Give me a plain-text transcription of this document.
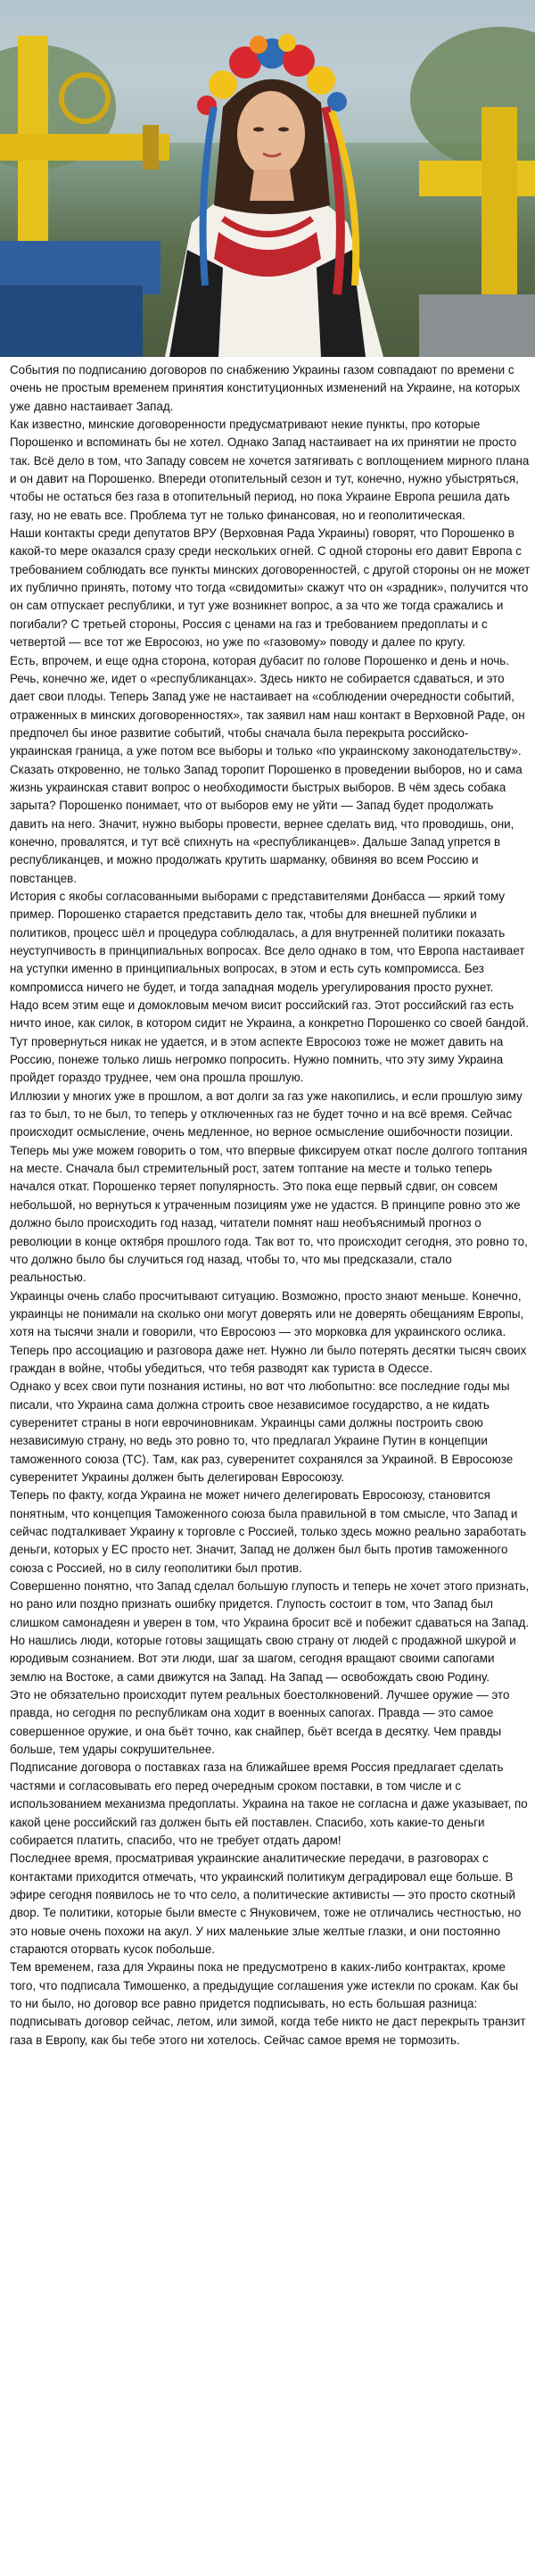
События по подписанию договоров по снабжению Украины газом совпадают по времени с очень не простым временем принятия конституционных изменений на Украине, на которых уже давно настаивает Запад.

Как известно, минские договоренности предусматривают некие пункты, про которые Порошенко и вспоминать бы не хотел. Однако Запад настаивает на их принятии не просто так. Всё дело в том, что Западу совсем не хочется затягивать с воплощением мирного плана и он давит на Порошенко. Впереди отопительный сезон и тут, конечно, нужно убыстряться, чтобы не остаться без газа в отопительный период, но пока Украине Европа решила дать газу, но не евать все. Проблема тут не только финансовая, но и геополитическая.

Наши контакты среди депутатов ВРУ (Верховная Рада Украины) говорят, что Порошенко в какой-то мере оказался сразу среди нескольких огней. С одной стороны его давит Европа с требованием соблюдать все пункты минских договоренностей, с другой стороны он не может их публично принять, потому что тогда «свидомиты» скажут что он «зрадник», получится что он сам отпускает республики, и тут уже возникнет вопрос, а за что же тогда сражались и погибали? С третьей стороны, Россия с ценами на газ и требованием предоплаты и с четвертой — все тот же Евросоюз, но уже по «газовому» поводу и далее по кругу.

Есть, впрочем, и еще одна сторона, которая дубасит по голове Порошенко и день и ночь. Речь, конечно же, идет о «республиканцах». Здесь никто не собирается сдаваться, и это дает свои плоды. Теперь Запад уже не настаивает на «соблюдении очередности событий, отраженных в минских договоренностях», так заявил нам наш контакт в Верховной Раде, он предпочел бы иное развитие событий, чтобы сначала была перекрыта российско-украинская граница, а уже потом все выборы и только «по украинскому законодательству».

Сказать откровенно, не только Запад торопит Порошенко в проведении выборов, но и сама жизнь украинская ставит вопрос о необходимости быстрых выборов. В чём здесь собака зарыта? Порошенко понимает, что от выборов ему не уйти — Запад будет продолжать давить на него. Значит, нужно выборы провести, вернее сделать вид, что проводишь, они, конечно, провалятся, и тут всё спихнуть на «республиканцев». Дальше Запад упрется в республиканцев, и можно продолжать крутить шарманку, обвиняя во всем Россию и повстанцев.

История с якобы согласованными выборами с представителями Донбасса — яркий тому пример. Порошенко старается представить дело так, чтобы для внешней публики и политиков, процесс шёл и процедура соблюдалась, а для внутренней политики показать неуступчивость в принципиальных вопросах. Все дело однако в том, что Европа настаивает на уступки именно в принципиальных вопросах, в этом и есть суть компромисса. Без компромисса ничего не будет, и тогда западная модель урегулирования просто рухнет.

Надо всем этим еще и домокловым мечом висит российский газ. Этот российский газ есть ничто иное, как силок, в котором сидит не Украина, а конкретно Порошенко со своей бандой. Тут провернуться никак не удается, и в этом аспекте Евросоюз тоже не может давить на Россию, понеже только лишь негромко попросить. Нужно помнить, что эту зиму Украина пройдет гораздо труднее, чем она прошла прошлую.

Иллюзии у многих уже в прошлом, а вот долги за газ уже накопились, и если прошлую зиму газ то был, то не был, то теперь у отключенных газ не будет точно и на всё время. Сейчас происходит осмысление, очень медленное, но верное осмысление ошибочности позиции. Теперь мы уже можем говорить о том, что впервые фиксируем откат после долгого топтания на месте. Сначала был стремительный рост, затем топтание на месте и только теперь начался откат. Порошенко теряет популярность. Это пока еще первый сдвиг, он совсем небольшой, но вернуться к утраченным позициям уже не удастся. В принципе ровно это же должно было происходить год назад, читатели помнят наш необъяснимый прогноз о революции в конце октября прошлого года. Так вот то, что происходит сегодня, это ровно то, что должно было бы случиться год назад, чтобы то, что мы предсказали, стало реальностью.

Украинцы очень слабо просчитывают ситуацию. Возможно, просто знают меньше. Конечно, украинцы не понимали на сколько они могут доверять или не доверять обещаниям Европы, хотя на тысячи знали и говорили, что Евросоюз — это морковка для украинского ослика. Теперь про ассоциацию и разговора даже нет. Нужно ли было потерять десятки тысяч своих граждан в войне, чтобы убедиться, что тебя разводят как туриста в Одессе.

Однако у всех свои пути познания истины, но вот что любопытно: все последние годы мы писали, что Украина сама должна строить свое независимое государство, а не кидать суверенитет страны в ноги еврочиновникам. Украинцы сами должны построить свою независимую страну, но ведь это ровно то, что предлагал Украине Путин в концепции таможенного союза (ТС). Там, как раз, суверенитет сохранялся за Украиной. В Евросоюзе суверенитет Украины должен быть делегирован Евросоюзу.

Теперь по факту, когда Украина не может ничего делегировать Евросоюзу, становится понятным, что концепция Таможенного союза была правильной в том смысле, что Запад и сейчас подталкивает Украину к торговле с Россией, только здесь можно реально заработать деньги, которых у ЕС просто нет. Значит, Запад не должен был быть против таможенного союза с Россией, но в силу геополитики был против.

Совершенно понятно, что Запад сделал большую глупость и теперь не хочет этого признать, но рано или поздно признать ошибку придется. Глупость состоит в том, что Запад был слишком самонадеян и уверен в том, что Украина бросит всё и побежит сдаваться на Запад. Но нашлись люди, которые готовы защищать свою страну от людей с продажной шкурой и юродивым сознанием. Вот эти люди, шаг за шагом, сегодня вращают своими сапогами землю на Востоке, а сами движутся на Запад. На Запад — освобождать свою Родину.

Это не обязательно происходит путем реальных боестолкновений. Лучшее оружие — это правда, но сегодня по республикам она ходит в военных сапогах. Правда — это самое совершенное оружие, и она бьёт точно, как снайпер, бьёт всегда в десятку. Чем правды больше, тем удары сокрушительнее.

Подписание договора о поставках газа на ближайшее время Россия предлагает сделать частями и согласовывать его перед очередным сроком поставки, в том числе и с использованием механизма предоплаты. Украина на такое не согласна и даже указывает, по какой цене российский газ должен быть ей поставлен. Спасибо, хоть какие-то деньги собирается платить, спасибо, что не требует отдать даром!

Последнее время, просматривая украинские аналитические передачи, в разговорах с контактами приходится отмечать, что украинский политикум деградировал еще больше. В эфире сегодня появилось не то что село, а политические активисты — это просто скотный двор. Те политики, которые были вместе с Януковичем, тоже не отличались честностью, но это новые очень похожи на акул. У них маленькие злые желтые глазки, и они постоянно стараются оторвать кусок побольше.

Тем временем, газа для Украины пока не предусмотрено в каких-либо контрактах, кроме того, что подписала Тимошенко, а предыдущие соглашения уже истекли по срокам. Как бы то ни было, но договор все равно придется подписывать, но есть большая разница: подписывать договор сейчас, летом, или зимой, когда тебе никто не даст перекрыть транзит газа в Европу, как бы тебе этого ни хотелось. Сейчас самое время не тормозить.
